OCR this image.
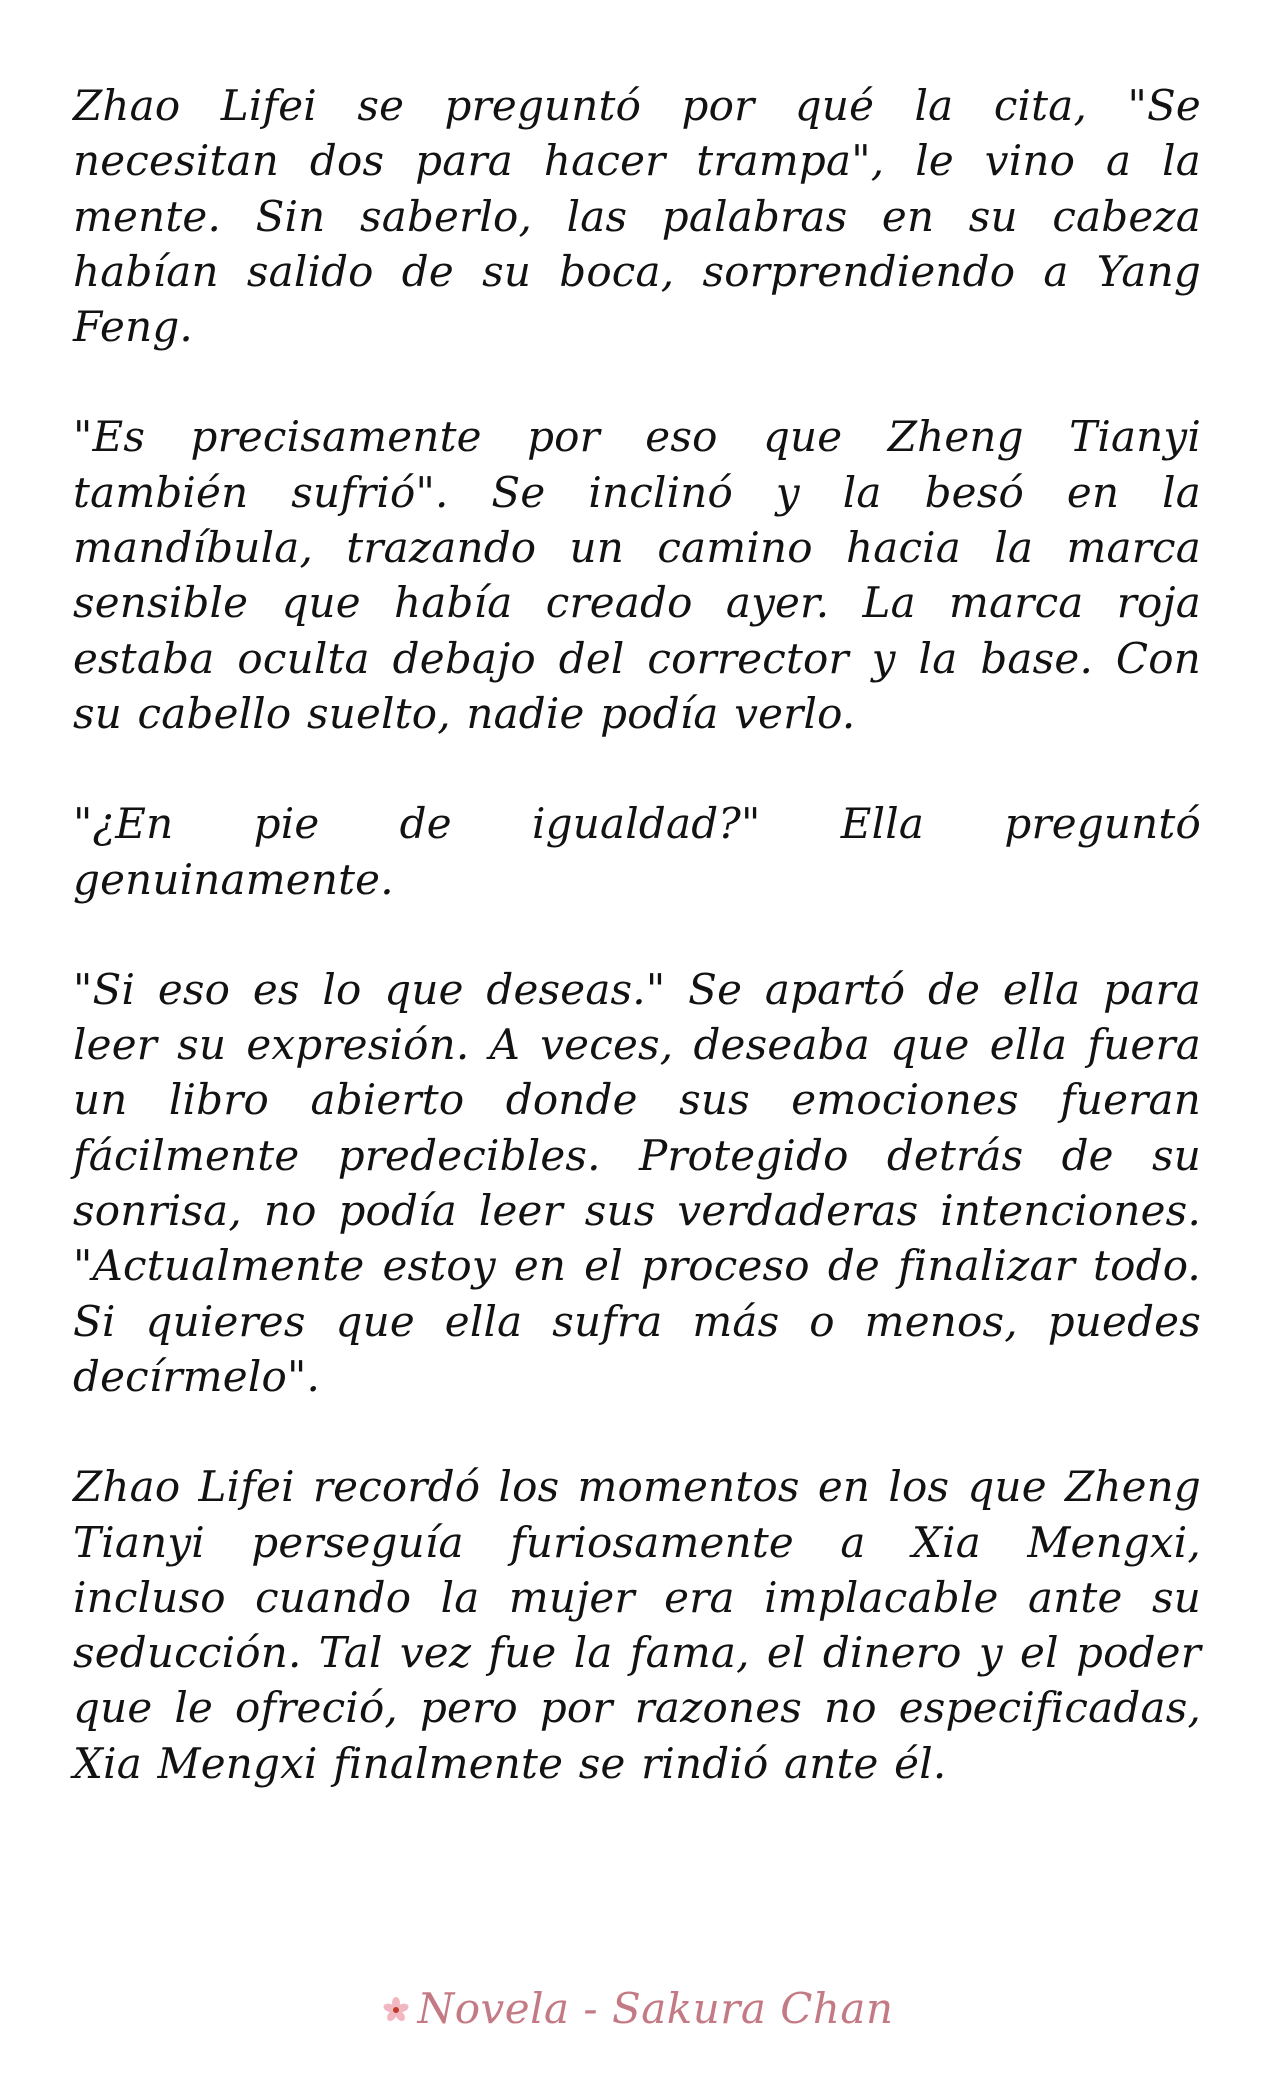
Zhao Lifei se preguntó por qué la cita, "Se necesitan dos para hacer trampa", le vino a la mente. Sin saberlo, las palabras en su cabeza habían salido de su boca, sorprendiendo a Yang Feng.

"Es precisamente por eso que Zheng Tianyi también sufrió". Se inclinó y la besó en la mandíbula, trazando un camino hacia la marca sensible que había creado ayer. La marca roja estaba oculta debajo del corrector y la base. Con su cabello suelto, nadie podía verlo.

"¿En pie de igualdad?" Ella preguntó genuinamente.

"Si eso es lo que deseas." Se apartó de ella para leer su expresión. A veces, deseaba que ella fuera un libro abierto donde sus emociones fueran fácilmente predecibles. Protegido detrás de su sonrisa, no podía leer sus verdaderas intenciones. "Actualmente estoy en el proceso de finalizar todo. Si quieres que ella sufra más o menos, puedes decírmelo".

Zhao Lifei recordó los momentos en los que Zheng Tianyi perseguía furiosamente a Xia Mengxi, incluso cuando la mujer era implacable ante su seducción. Tal vez fue la fama, el dinero y el poder que le ofreció, pero por razones no especificadas, Xia Mengxi finalmente se rindió ante él.

Novela - Sakura Chan
